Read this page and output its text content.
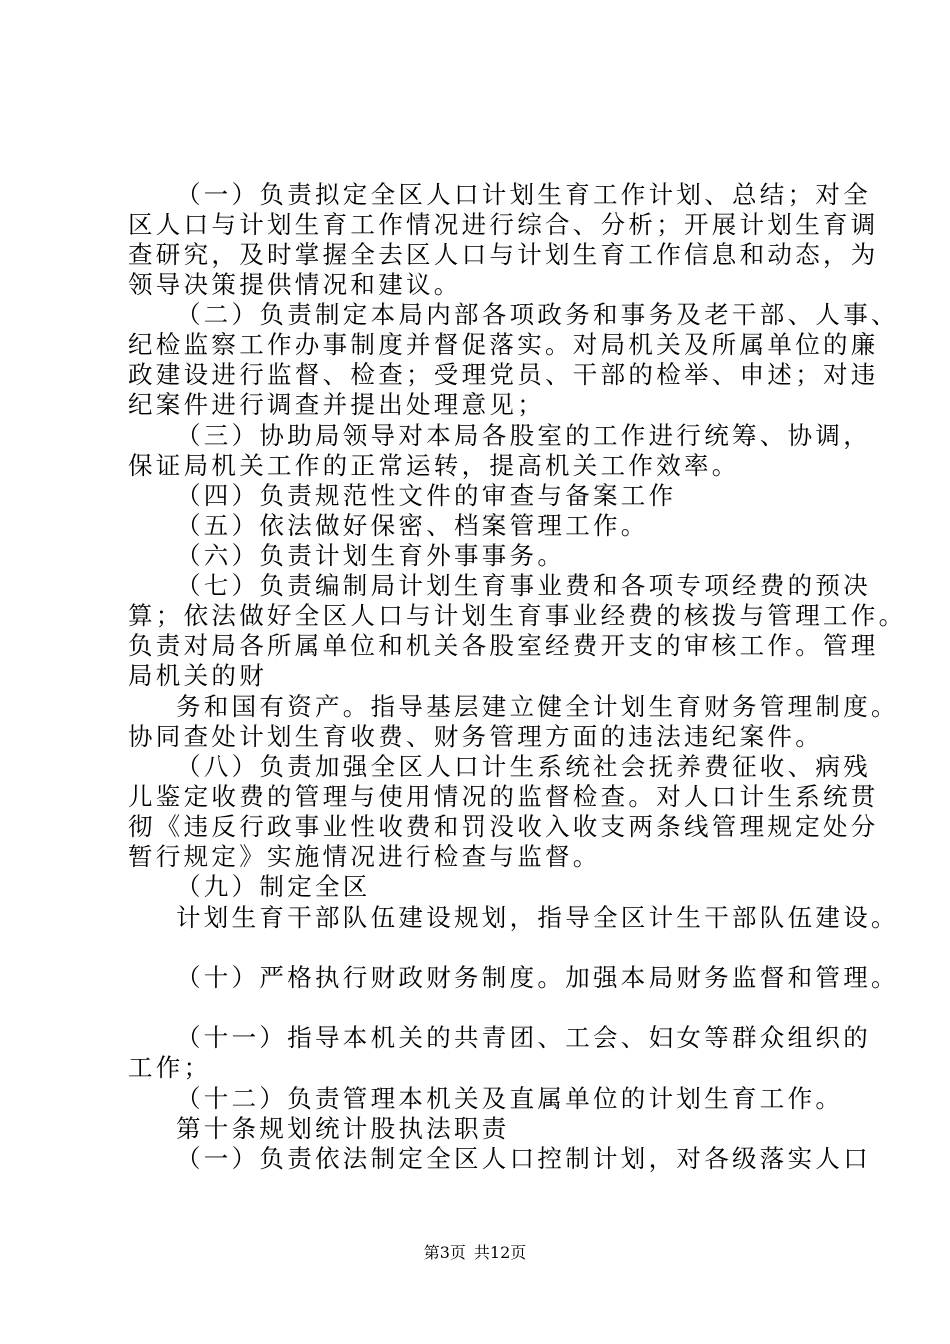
（一）负责拟定全区人口计划生育工作计划、总结；对全
区人口与计划生育工作情况进行综合、分析；开展计划生育调
查研究，及时掌握全去区人口与计划生育工作信息和动态，为
领导决策提供情况和建议。
（二）负责制定本局内部各项政务和事务及老干部、人事、
纪检监察工作办事制度并督促落实。对局机关及所属单位的廉
政建设进行监督、检查；受理党员、干部的检举、申述；对违
纪案件进行调查并提出处理意见；
（三）协助局领导对本局各股室的工作进行统筹、协调，
保证局机关工作的正常运转，提高机关工作效率。
（四）负责规范性文件的审查与备案工作
（五）依法做好保密、档案管理工作。
（六）负责计划生育外事事务。
（七）负责编制局计划生育事业费和各项专项经费的预决
算；依法做好全区人口与计划生育事业经费的核拨与管理工作。
负责对局各所属单位和机关各股室经费开支的审核工作。管理
局机关的财
务和国有资产。指导基层建立健全计划生育财务管理制度。
协同查处计划生育收费、财务管理方面的违法违纪案件。
（八）负责加强全区人口计生系统社会抚养费征收、病残
儿鉴定收费的管理与使用情况的监督检查。对人口计生系统贯
彻《违反行政事业性收费和罚没收入收支两条线管理规定处分
暂行规定》实施情况进行检查与监督。
（九）制定全区
计划生育干部队伍建设规划，指导全区计生干部队伍建设。
（十）严格执行财政财务制度。加强本局财务监督和管理。
（十一）指导本机关的共青团、工会、妇女等群众组织的
工作；
（十二）负责管理本机关及直属单位的计划生育工作。
第十条规划统计股执法职责
（一）负责依法制定全区人口控制计划，对各级落实人口
第3页 共12页
